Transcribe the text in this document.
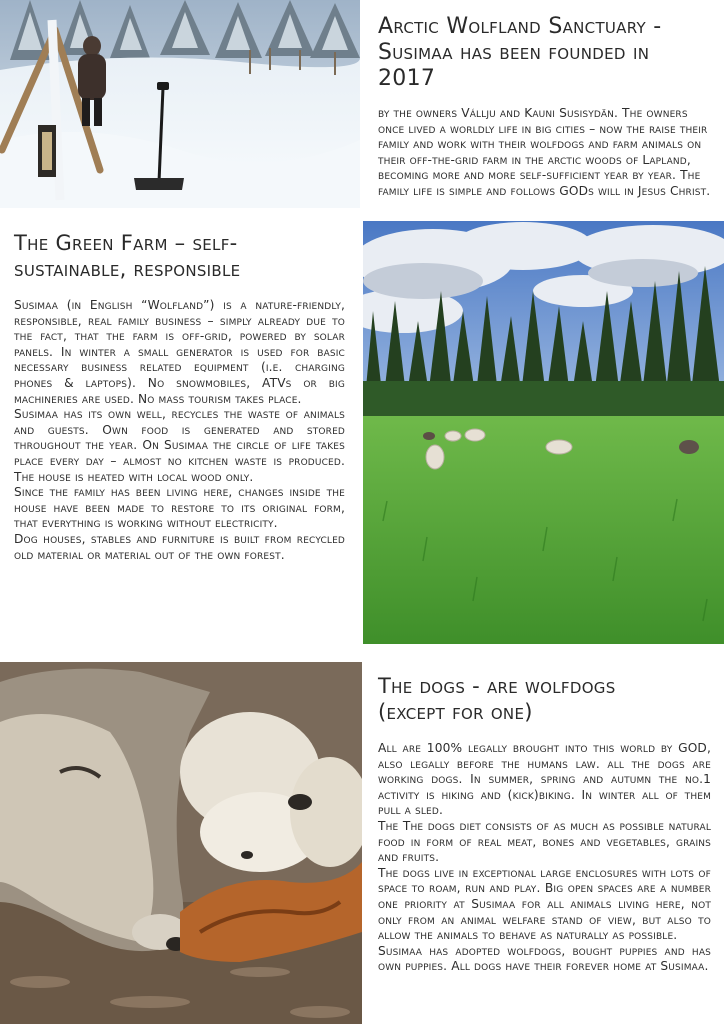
Arctic Wolfland Sanctuary - Susimaa has been founded in 2017

by the owners Vállju and Kauni Susisydän. The owners once lived a worldly life in big cities – now the raise their family and work with their wolfdogs and farm animals on their off-the-grid farm in the arctic woods of Lapland, becoming more and more self-sufficient year by year. The family life is simple and follows GODs will in Jesus Christ.

The Green Farm – self-sustainable, responsible

Susimaa (in English “Wolfland”) is a nature-friendly, responsible, real family business – simply already due to the fact, that the farm is off-grid, powered by solar panels. In winter a small generator is used for basic necessary business related equipment (i.e. charging phones & laptops). No snowmobiles, ATVs or big machineries are used. No mass tourism takes place.

Susimaa has its own well, recycles the waste of animals and guests. Own food is generated and stored throughout the year. On Susimaa the circle of life takes place every day – almost no kitchen waste is produced. The house is heated with local wood only.

Since the family has been living here, changes inside the house have been made to restore to its original form, that everything is working without electricity.

Dog houses, stables and furniture is built from recycled old material or material out of the own forest.

The dogs - are wolfdogs (except for one)

All are 100% legally brought into this world by GOD, also legally before the humans law. all the dogs are working dogs. In summer, spring and autumn the no.1 activity is hiking and (kick)biking. In winter all of them pull a sled.

The The dogs diet consists of as much as possible natural food in form of real meat, bones and vegetables, grains and fruits.

The dogs live in exceptional large enclosures with lots of space to roam, run and play. Big open spaces are a number one priority at Susimaa for all animals living here, not only from an animal welfare stand of view, but also to allow the animals to behave as naturally as possible.

Susimaa has adopted wolfdogs, bought puppies and has own puppies. All dogs have their forever home at Susimaa.
